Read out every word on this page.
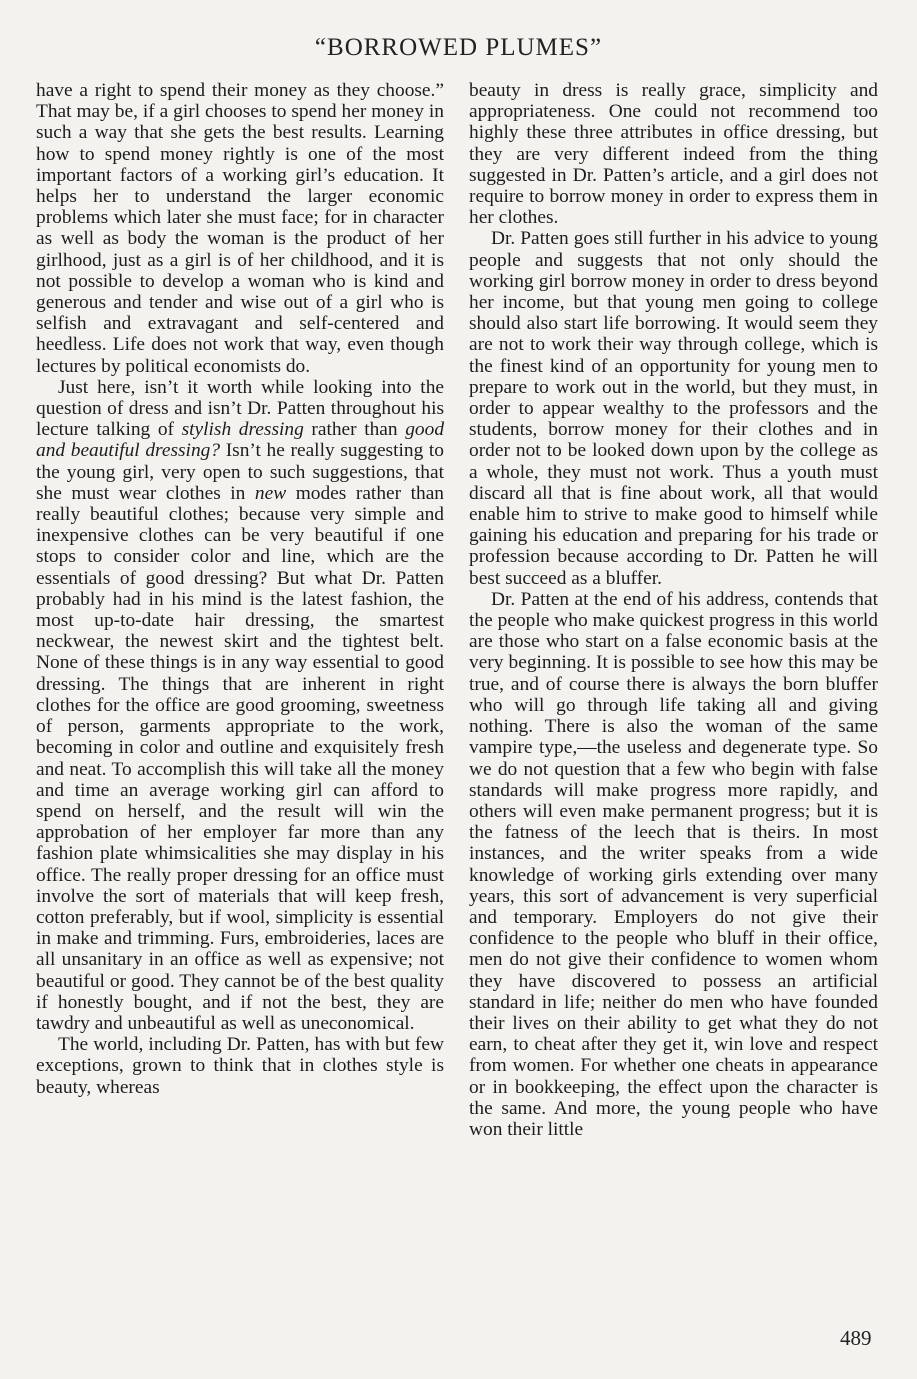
“BORROWED PLUMES”

have a right to spend their money as they choose.” That may be, if a girl chooses to spend her money in such a way that she gets the best results. Learning how to spend money rightly is one of the most important factors of a working girl’s education. It helps her to understand the larger economic problems which later she must face; for in character as well as body the woman is the product of her girlhood, just as a girl is of her childhood, and it is not possible to develop a woman who is kind and generous and tender and wise out of a girl who is selfish and extravagant and self-centered and heedless. Life does not work that way, even though lectures by political economists do.

Just here, isn’t it worth while looking into the question of dress and isn’t Dr. Patten throughout his lecture talking of stylish dressing rather than good and beautiful dressing? Isn’t he really suggesting to the young girl, very open to such suggestions, that she must wear clothes in new modes rather than really beautiful clothes; because very simple and inexpensive clothes can be very beautiful if one stops to consider color and line, which are the essentials of good dressing? But what Dr. Patten probably had in his mind is the latest fashion, the most up-to-date hair dressing, the smartest neckwear, the newest skirt and the tightest belt. None of these things is in any way essential to good dressing. The things that are inherent in right clothes for the office are good grooming, sweetness of person, garments appropriate to the work, becoming in color and outline and exquisitely fresh and neat. To accomplish this will take all the money and time an average working girl can afford to spend on herself, and the result will win the approbation of her employer far more than any fashion plate whimsicalities she may display in his office. The really proper dressing for an office must involve the sort of materials that will keep fresh, cotton preferably, but if wool, simplicity is essential in make and trimming. Furs, embroideries, laces are all unsanitary in an office as well as expensive; not beautiful or good. They cannot be of the best quality if honestly bought, and if not the best, they are tawdry and unbeautiful as well as uneconomical.

The world, including Dr. Patten, has with but few exceptions, grown to think that in clothes style is beauty, whereas

beauty in dress is really grace, simplicity and appropriateness. One could not recommend too highly these three attributes in office dressing, but they are very different indeed from the thing suggested in Dr. Patten’s article, and a girl does not require to borrow money in order to express them in her clothes.

Dr. Patten goes still further in his advice to young people and suggests that not only should the working girl borrow money in order to dress beyond her income, but that young men going to college should also start life borrowing. It would seem they are not to work their way through college, which is the finest kind of an opportunity for young men to prepare to work out in the world, but they must, in order to appear wealthy to the professors and the students, borrow money for their clothes and in order not to be looked down upon by the college as a whole, they must not work. Thus a youth must discard all that is fine about work, all that would enable him to strive to make good to himself while gaining his education and preparing for his trade or profession because according to Dr. Patten he will best succeed as a bluffer.

Dr. Patten at the end of his address, contends that the people who make quickest progress in this world are those who start on a false economic basis at the very beginning. It is possible to see how this may be true, and of course there is always the born bluffer who will go through life taking all and giving nothing. There is also the woman of the same vampire type,—the useless and degenerate type. So we do not question that a few who begin with false standards will make progress more rapidly, and others will even make permanent progress; but it is the fatness of the leech that is theirs. In most instances, and the writer speaks from a wide knowledge of working girls extending over many years, this sort of advancement is very superficial and temporary. Employers do not give their confidence to the people who bluff in their office, men do not give their confidence to women whom they have discovered to possess an artificial standard in life; neither do men who have founded their lives on their ability to get what they do not earn, to cheat after they get it, win love and respect from women. For whether one cheats in appearance or in bookkeeping, the effect upon the character is the same. And more, the young people who have won their little

489
